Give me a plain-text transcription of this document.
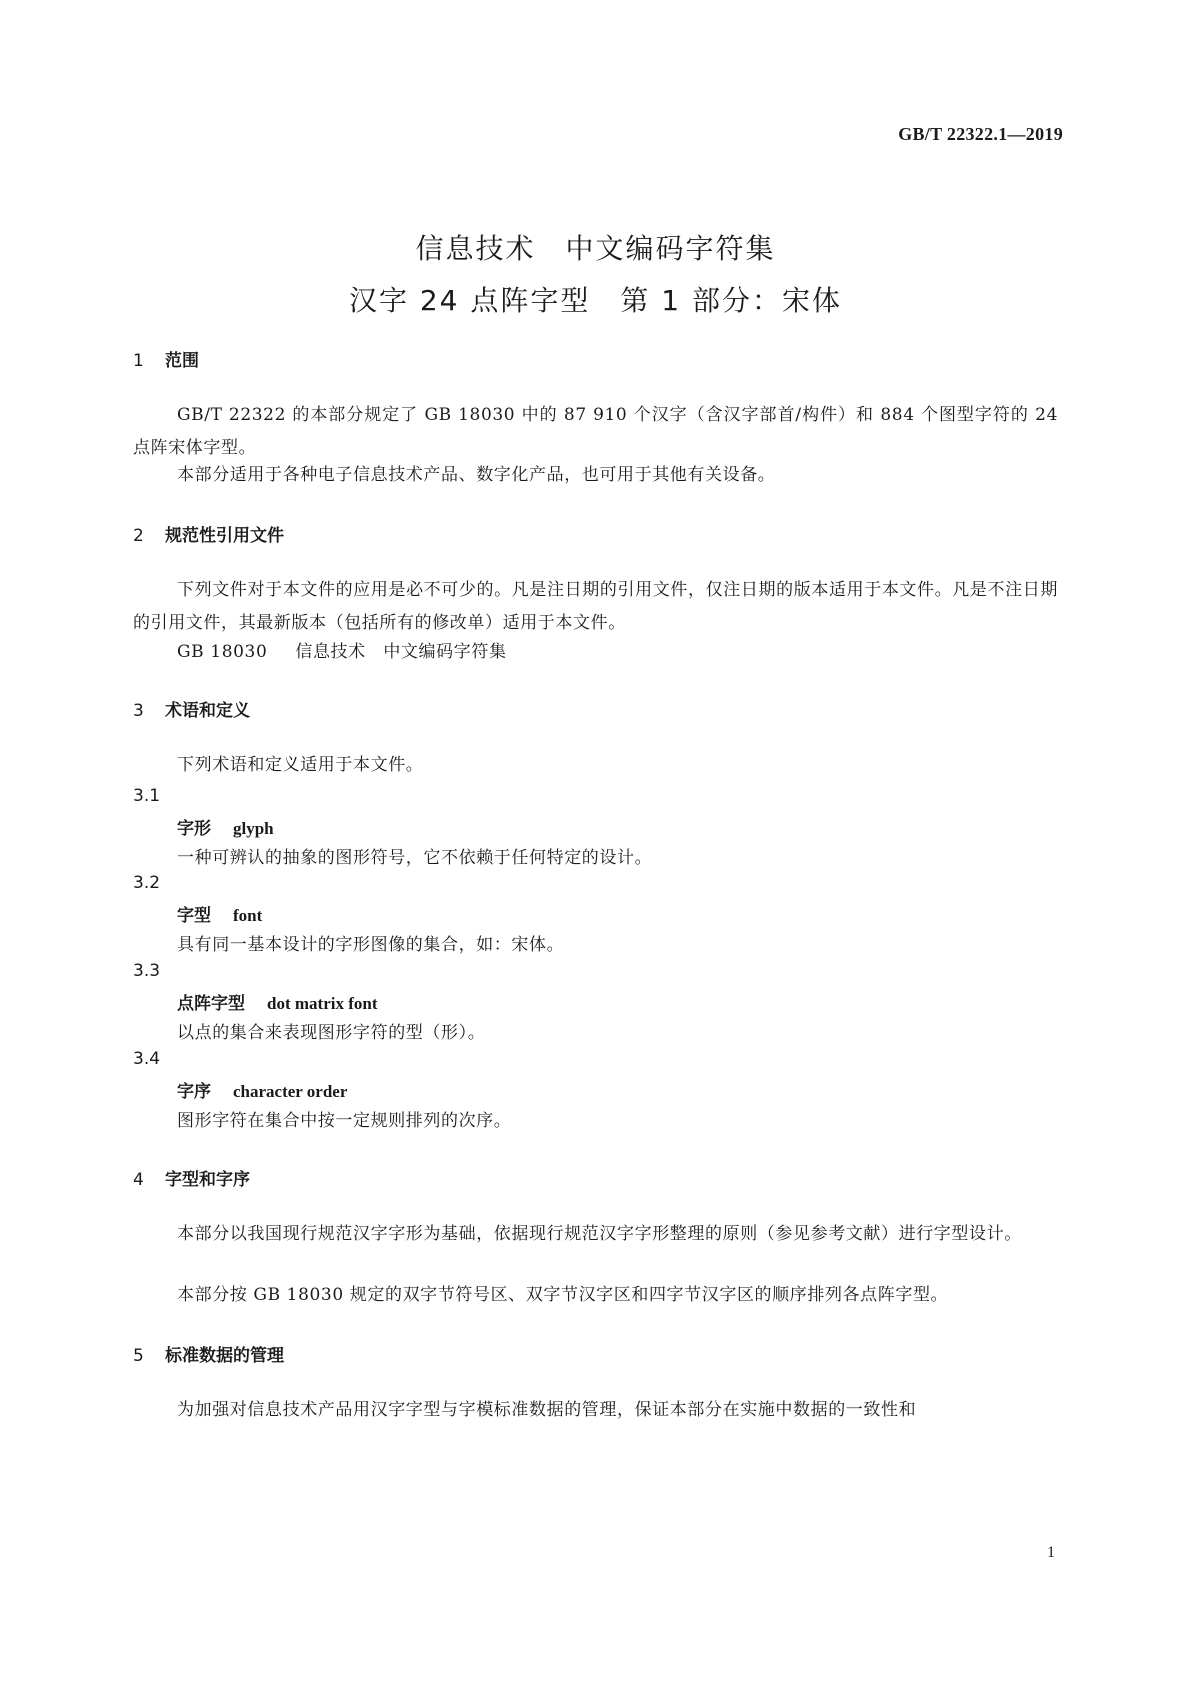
GB/T 22322.1—2019
信息技术　中文编码字符集
汉字 24 点阵字型　第 1 部分：宋体
1 范围
GB/T 22322 的本部分规定了 GB 18030 中的 87 910 个汉字（含汉字部首/构件）和 884 个图型字符的 24 点阵宋体字型。
本部分适用于各种电子信息技术产品、数字化产品，也可用于其他有关设备。
2 规范性引用文件
下列文件对于本文件的应用是必不可少的。凡是注日期的引用文件，仅注日期的版本适用于本文件。凡是不注日期的引用文件，其最新版本（包括所有的修改单）适用于本文件。
GB 18030 信息技术　中文编码字符集
3 术语和定义
下列术语和定义适用于本文件。
3.1
字形 glyph
一种可辨认的抽象的图形符号，它不依赖于任何特定的设计。
3.2
字型 font
具有同一基本设计的字形图像的集合，如：宋体。
3.3
点阵字型 dot matrix font
以点的集合来表现图形字符的型（形）。
3.4
字序 character order
图形字符在集合中按一定规则排列的次序。
4 字型和字序
本部分以我国现行规范汉字字形为基础，依据现行规范汉字字形整理的原则（参见参考文献）进行字型设计。
本部分按 GB 18030 规定的双字节符号区、双字节汉字区和四字节汉字区的顺序排列各点阵字型。
5 标准数据的管理
为加强对信息技术产品用汉字字型与字模标准数据的管理，保证本部分在实施中数据的一致性和
1
